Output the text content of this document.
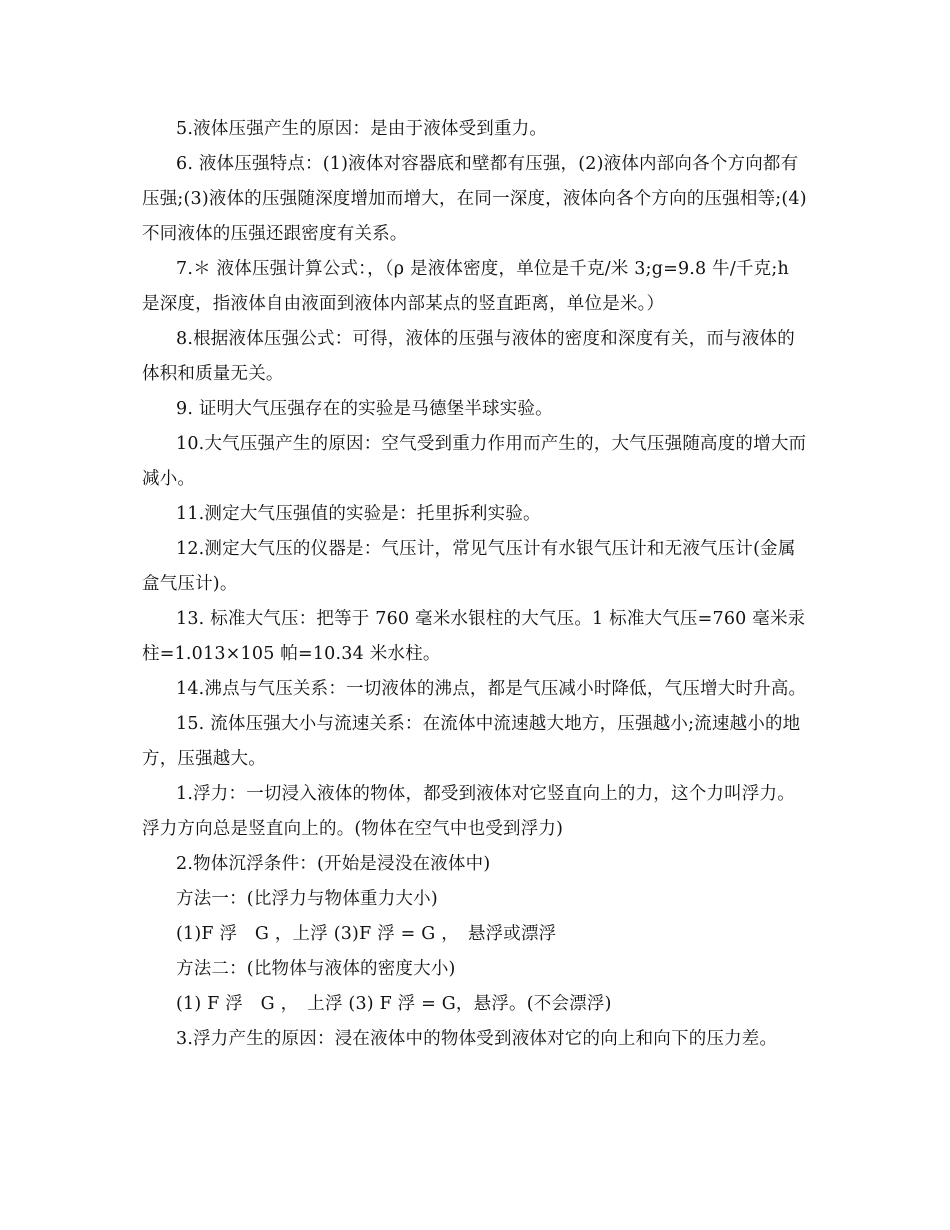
5.液体压强产生的原因：是由于液体受到重力。

6. 液体压强特点：(1)液体对容器底和壁都有压强，(2)液体内部向各个方向都有压强;(3)液体的压强随深度增加而增大，在同一深度，液体向各个方向的压强相等;(4)不同液体的压强还跟密度有关系。

7.＊ 液体压强计算公式：，（ρ 是液体密度，单位是千克/米 3;g=9.8 牛/千克;h 是深度，指液体自由液面到液体内部某点的竖直距离，单位是米。）

8.根据液体压强公式：可得，液体的压强与液体的密度和深度有关，而与液体的体积和质量无关。

9. 证明大气压强存在的实验是马德堡半球实验。

10.大气压强产生的原因：空气受到重力作用而产生的，大气压强随高度的增大而减小。

11.测定大气压强值的实验是：托里拆利实验。

12.测定大气压的仪器是：气压计，常见气压计有水银气压计和无液气压计(金属盒气压计)。

13. 标准大气压：把等于 760 毫米水银柱的大气压。1 标准大气压=760 毫米汞柱=1.013×105 帕=10.34 米水柱。

14.沸点与气压关系：一切液体的沸点，都是气压减小时降低，气压增大时升高。

15. 流体压强大小与流速关系：在流体中流速越大地方，压强越小;流速越小的地方，压强越大。

1.浮力：一切浸入液体的物体，都受到液体对它竖直向上的力，这个力叫浮力。浮力方向总是竖直向上的。(物体在空气中也受到浮力)

2.物体沉浮条件：(开始是浸没在液体中)

方法一：(比浮力与物体重力大小)

(1)F 浮　G ，上浮 (3)F 浮 = G ，　悬浮或漂浮

方法二：(比物体与液体的密度大小)

(1) F 浮　G ，　上浮 (3) F 浮 = G，悬浮。(不会漂浮)

3.浮力产生的原因：浸在液体中的物体受到液体对它的向上和向下的压力差。
